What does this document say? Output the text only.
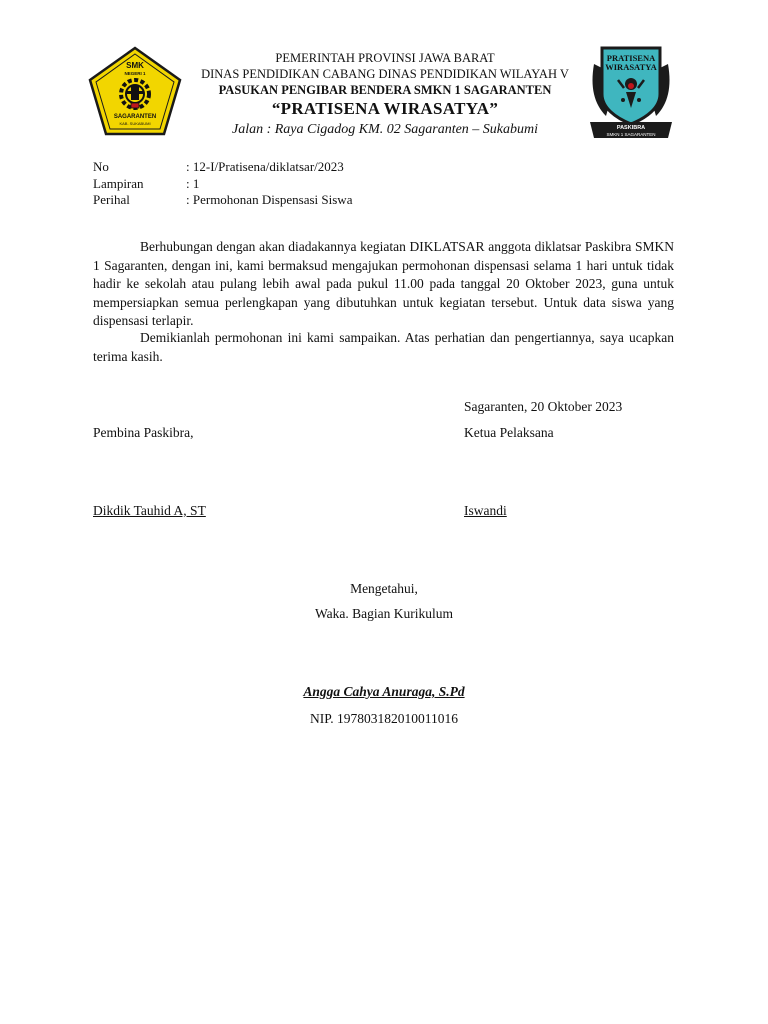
SMK
NEGERI 1
SAGARANTEN
KAB. SUKABUMI
PEMERINTAH PROVINSI JAWA BARAT
DINAS PENDIDIKAN CABANG DINAS PENDIDIKAN WILAYAH V
PASUKAN PENGIBAR BENDERA SMKN 1 SAGARANTEN
“PRATISENA WIRASATYA”
Jalan : Raya Cigadog KM. 02 Sagaranten – Sukabumi
PRATISENA
WIRASATYA
PASKIBRA
SMKN 1 SAGARANTEN
No	: 12-I/Pratisena/diklatsar/2023
Lampiran	: 1
Perihal	: Permohonan Dispensasi Siswa
Berhubungan dengan akan diadakannya kegiatan DIKLATSAR anggota diklatsar Paskibra SMKN 1 Sagaranten, dengan ini, kami bermaksud mengajukan permohonan dispensasi selama 1 hari untuk tidak hadir ke sekolah atau pulang lebih awal pada pukul 11.00 pada tanggal 20 Oktober 2023, guna untuk mempersiapkan semua perlengkapan yang dibutuhkan untuk kegiatan tersebut. Untuk data siswa yang dispensasi terlapir.
Demikianlah permohonan ini kami sampaikan. Atas perhatian dan pengertiannya, saya ucapkan terima kasih.
Sagaranten, 20 Oktober 2023
Pembina Paskibra,	Ketua Pelaksana
Dikdik Tauhid A, ST	Iswandi
Mengetahui,
Waka. Bagian Kurikulum
Angga Cahya Anuraga, S.Pd
NIP. 197803182010011016
